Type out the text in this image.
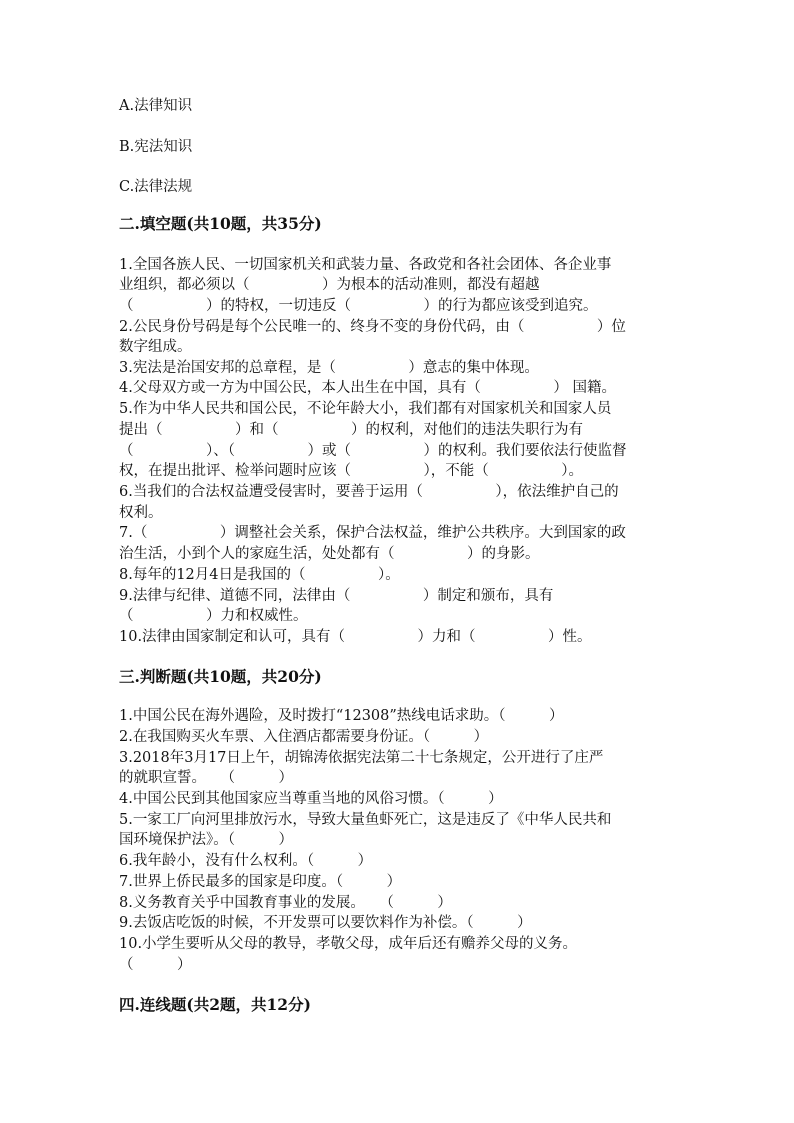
A.法律知识
B.宪法知识
C.法律法规
二.填空题(共10题，共35分)
1.全国各族人民、一切国家机关和武装力量、各政党和各社会团体、各企业事
业组织，都必须以（　　　　　）为根本的活动准则，都没有超越
（　　　　　）的特权，一切违反（　　　　　）的行为都应该受到追究。
2.公民身份号码是每个公民唯一的、终身不变的身份代码，由（　　　　　）位
数字组成。
3.宪法是治国安邦的总章程，是（　　　　　）意志的集中体现。
4.父母双方或一方为中国公民，本人出生在中国，具有（　　　　　） 国籍。
5.作为中华人民共和国公民，不论年龄大小，我们都有对国家机关和国家人员
提出（　　　　　）和（　　　　　）的权利，对他们的违法失职行为有
（　　　　　）、（　　　　　）或（　　　　　）的权利。我们要依法行使监督
权，在提出批评、检举问题时应该（　　　　　），不能（　　　　　）。
6.当我们的合法权益遭受侵害时，要善于运用（　　　　　），依法维护自己的
权利。
7.（　　　　　）调整社会关系，保护合法权益，维护公共秩序。大到国家的政
治生活，小到个人的家庭生活，处处都有（　　　　　）的身影。
8.每年的12月4日是我国的（　　　　　）。
9.法律与纪律、道德不同，法律由（　　　　　）制定和颁布，具有
（　　　　　）力和权威性。
10.法律由国家制定和认可，具有（　　　　　）力和（　　　　　）性。
三.判断题(共10题，共20分)
1.中国公民在海外遇险，及时拨打“12308”热线电话求助。（　　　）
2.在我国购买火车票、入住酒店都需要身份证。（　　　）
3.2018年3月17日上午，胡锦涛依据宪法第二十七条规定，公开进行了庄严
的就职宣誓。　　（　　　）
4.中国公民到其他国家应当尊重当地的风俗习惯。（　　　）
5.一家工厂向河里排放污水，导致大量鱼虾死亡，这是违反了《中华人民共和
国环境保护法》。（　　　）
6.我年龄小，没有什么权利。（　　　）
7.世界上侨民最多的国家是印度。（　　　）
8.义务教育关乎中国教育事业的发展。　　（　　　）
9.去饭店吃饭的时候，不开发票可以要饮料作为补偿。（　　　）
10.小学生要听从父母的教导，孝敬父母，成年后还有赡养父母的义务。
（　　　）
四.连线题(共2题，共12分)
